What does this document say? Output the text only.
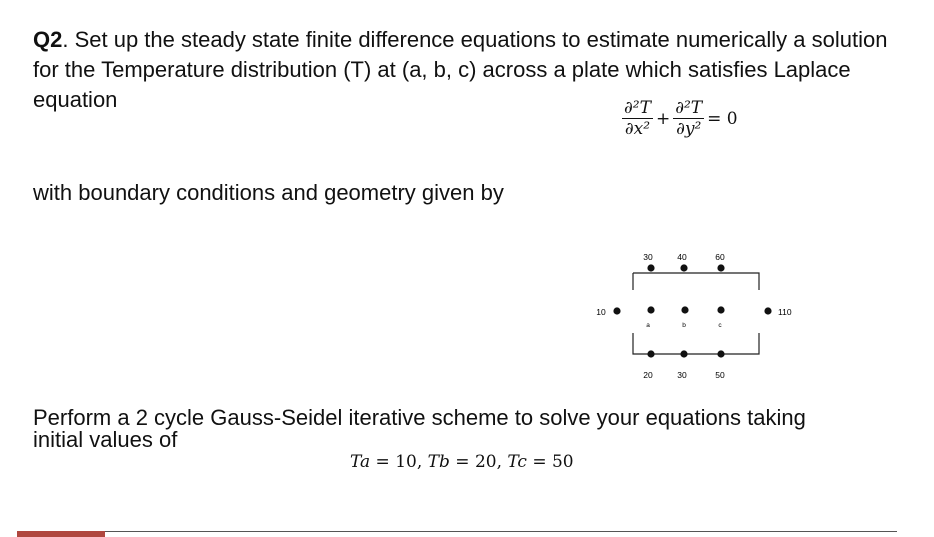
Q2. Set up the steady state finite difference equations to estimate numerically a solution for the Temperature distribution (T) at (a, b, c) across a plate which satisfies Laplace equation	$\frac{\text{∂²T}}{\text{∂x²}} + \frac{\text{∂²T}}{\text{∂y²}} = 0$
with boundary conditions and geometry given by
30	40	60
10	110
a	b	c
20	30	50
Perform a 2 cycle Gauss-Seidel iterative scheme to solve your equations taking
initial values of
Ta = 10, Tb = 20, Tc = 50
